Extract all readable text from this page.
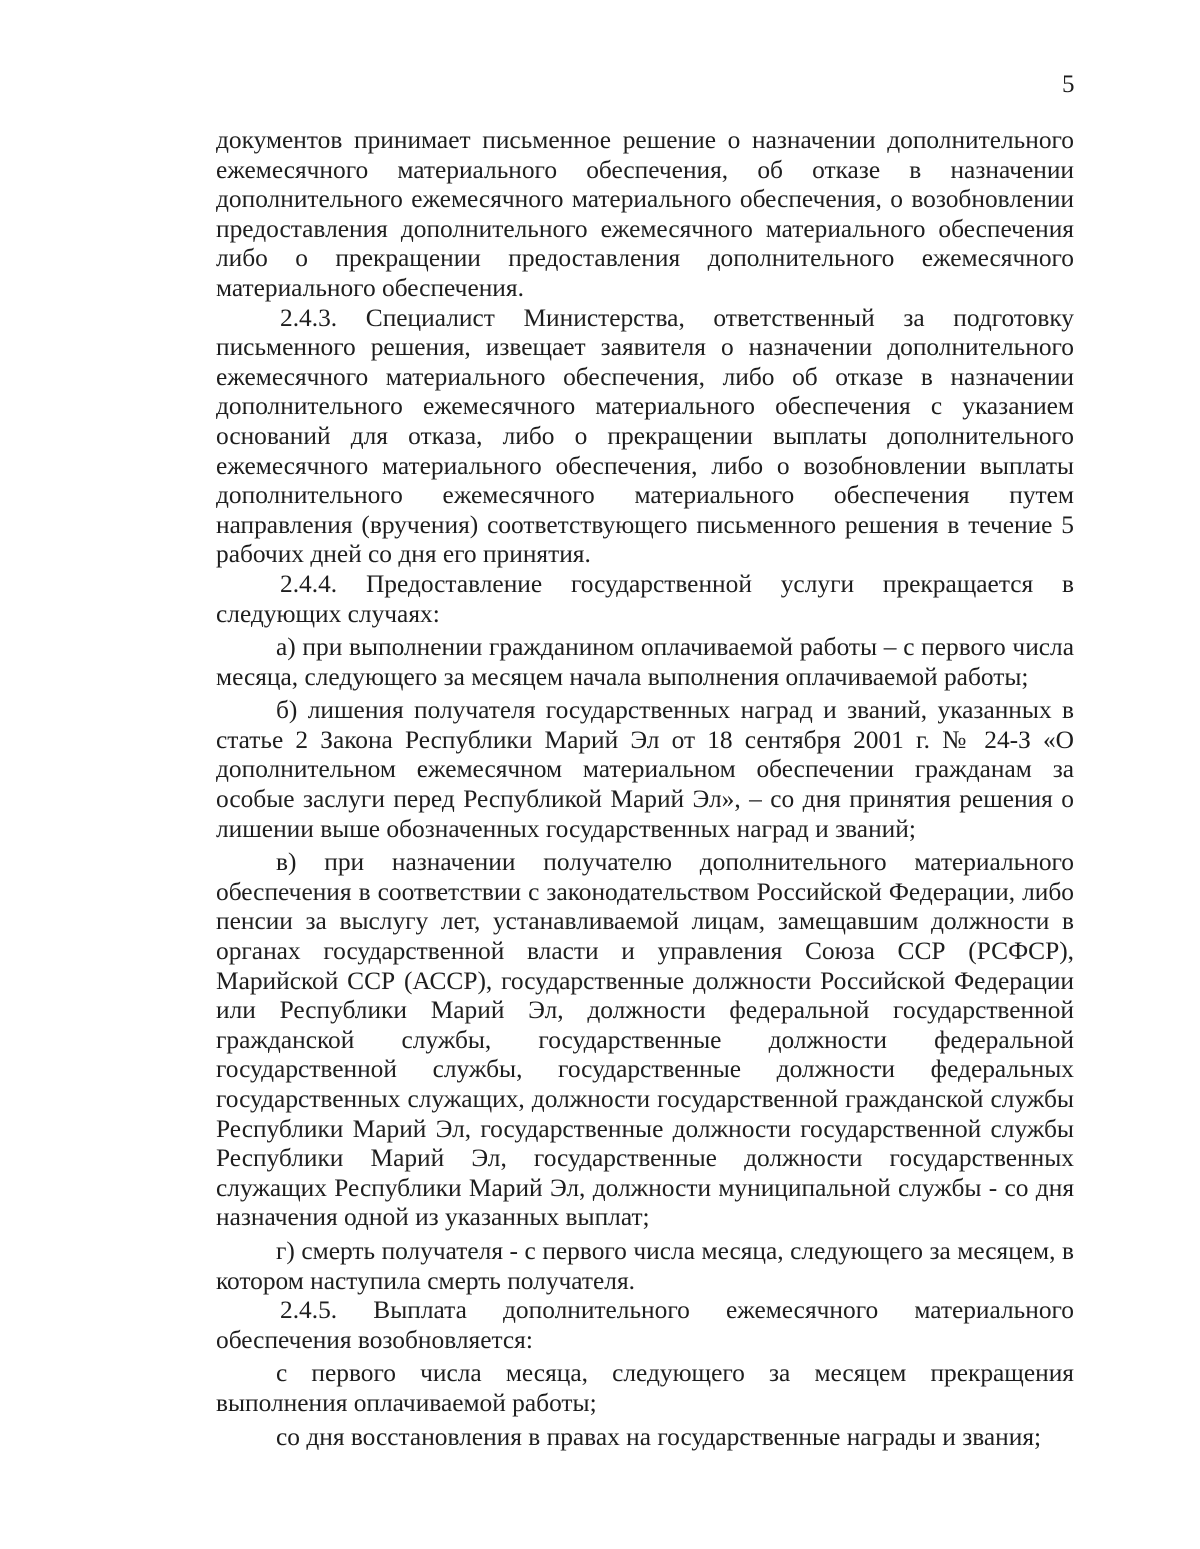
5

документов принимает письменное решение о назначении дополнительного ежемесячного материального обеспечения, об отказе в назначении дополнительного ежемесячного материального обеспечения, о возобновлении предоставления дополнительного ежемесячного материального обеспечения либо о прекращении предоставления дополнительного ежемесячного материального обеспечения.

2.4.3. Специалист Министерства, ответственный за подготовку письменного решения, извещает заявителя о назначении дополнительного ежемесячного материального обеспечения, либо об отказе в назначении дополнительного ежемесячного материального обеспечения с указанием оснований для отказа, либо о прекращении выплаты дополнительного ежемесячного материального обеспечения, либо о возобновлении выплаты дополнительного ежемесячного материального обеспечения путем направления (вручения) соответствующего письменного решения в течение 5 рабочих дней со дня его принятия.

2.4.4. Предоставление государственной услуги прекращается в следующих случаях:

а) при выполнении гражданином оплачиваемой работы – с первого числа месяца, следующего за месяцем начала выполнения оплачиваемой работы;

б) лишения получателя государственных наград и званий, указанных в статье 2 Закона Республики Марий Эл от 18 сентября 2001 г. № 24-З «О дополнительном ежемесячном материальном обеспечении гражданам за особые заслуги перед Республикой Марий Эл», – со дня принятия решения о лишении выше обозначенных государственных наград и званий;

в) при назначении получателю дополнительного материального обеспечения в соответствии с законодательством Российской Федерации, либо пенсии за выслугу лет, устанавливаемой лицам, замещавшим должности в органах государственной власти и управления Союза ССР (РСФСР), Марийской ССР (АССР), государственные должности Российской Федерации или Республики Марий Эл, должности федеральной государственной гражданской службы, государственные должности федеральной государственной службы, государственные должности федеральных государственных служащих, должности государственной гражданской службы Республики Марий Эл, государственные должности государственной службы Республики Марий Эл, государственные должности государственных служащих Республики Марий Эл, должности муниципальной службы - со дня назначения одной из указанных выплат;

г) смерть получателя - с первого числа месяца, следующего за месяцем, в котором наступила смерть получателя.

2.4.5. Выплата дополнительного ежемесячного материального обеспечения возобновляется:

с первого числа месяца, следующего за месяцем прекращения выполнения оплачиваемой работы;

со дня восстановления в правах на государственные награды и звания;
